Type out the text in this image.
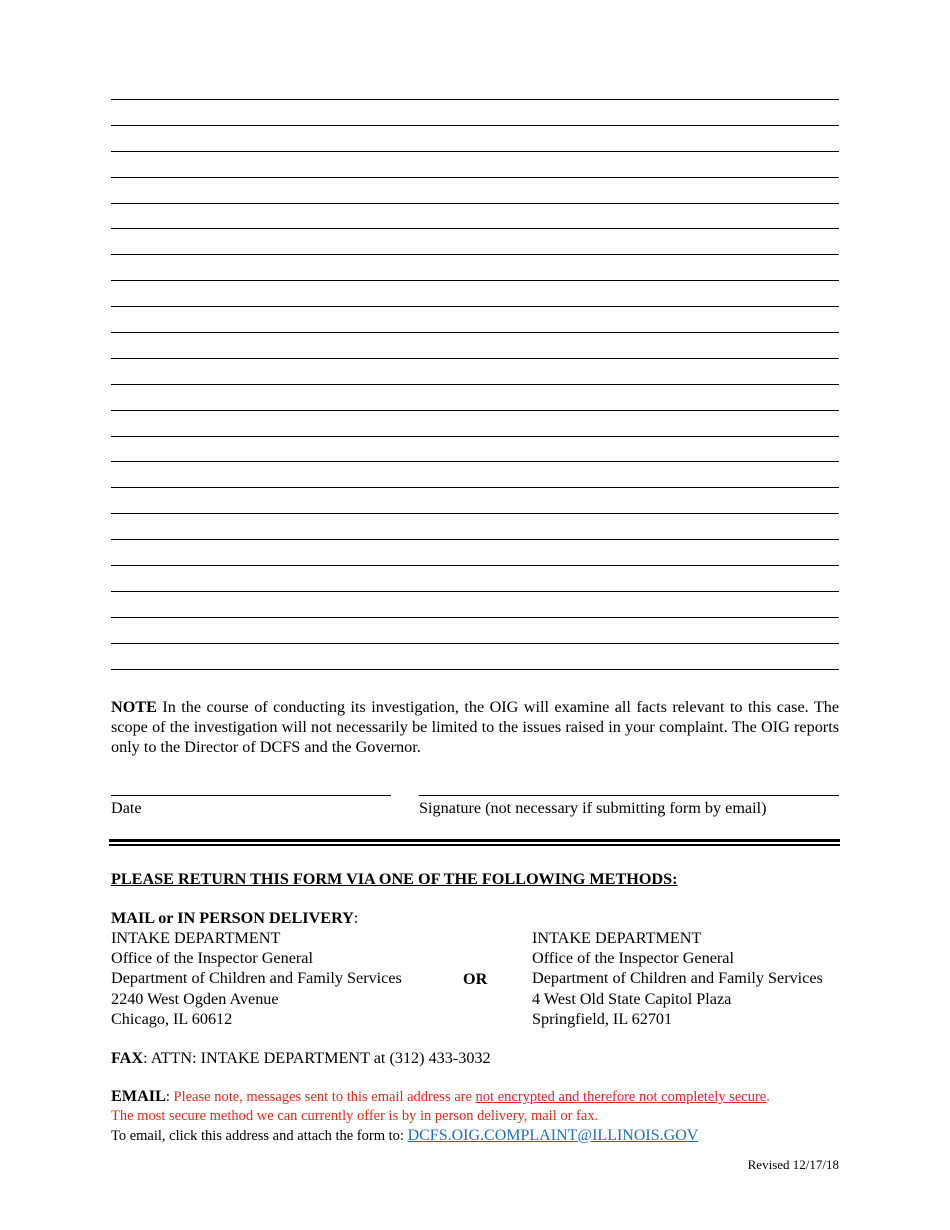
NOTE In the course of conducting its investigation, the OIG will examine all facts relevant to this case. The scope of the investigation will not necessarily be limited to the issues raised in your complaint. The OIG reports only to the Director of DCFS and the Governor.
Date	Signature (not necessary if submitting form by email)
PLEASE RETURN THIS FORM VIA ONE OF THE FOLLOWING METHODS:
MAIL or IN PERSON DELIVERY:
INTAKE DEPARTMENT
Office of the Inspector General
Department of Children and Family Services
2240 West Ogden Avenue
Chicago, IL 60612
OR
INTAKE DEPARTMENT
Office of the Inspector General
Department of Children and Family Services
4 West Old State Capitol Plaza
Springfield, IL 62701
FAX: ATTN: INTAKE DEPARTMENT at (312) 433-3032
EMAIL: Please note, messages sent to this email address are not encrypted and therefore not completely secure.
The most secure method we can currently offer is by in person delivery, mail or fax.
To email, click this address and attach the form to: DCFS.OIG.COMPLAINT@ILLINOIS.GOV
Revised 12/17/18
